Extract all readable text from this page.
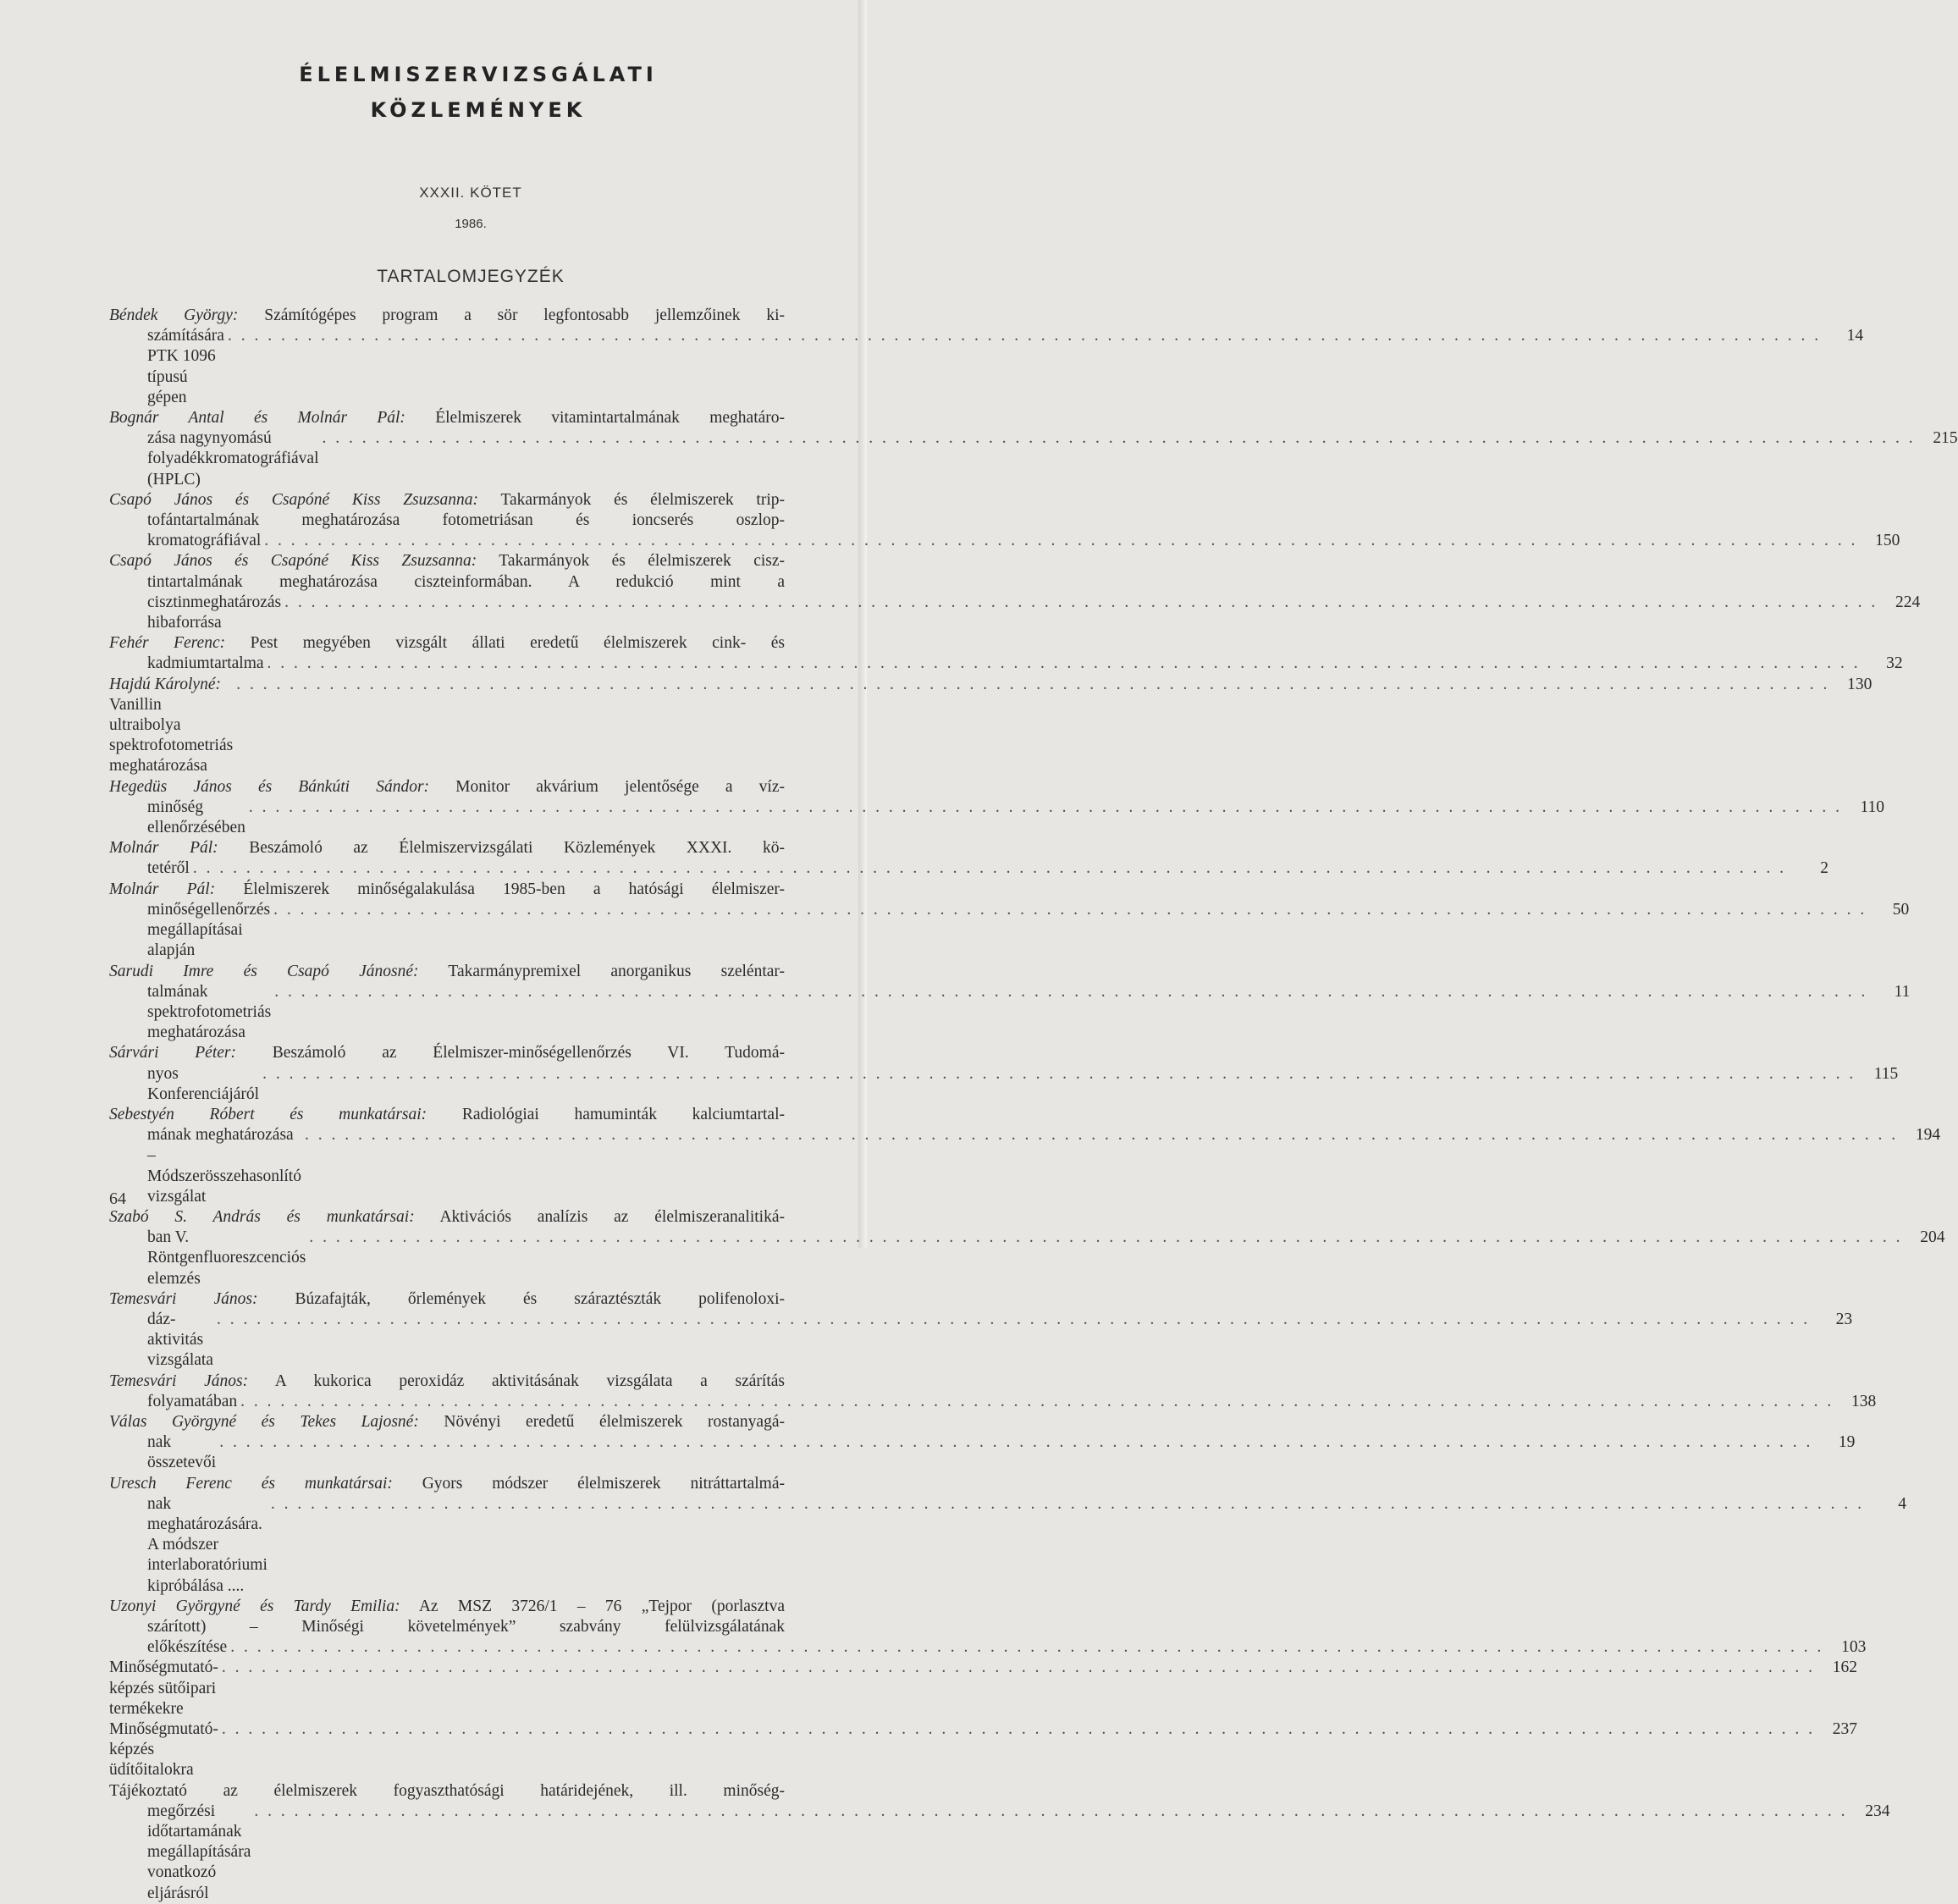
ÉLELMISZERVIZSGÁLATI
KÖZLEMÉNYEK
XXXII. KÖTET
1986.
TARTALOMJEGYZÉK
Béndek György: Számítógépes program a sör legfontosabb jellemzőinek ki-
számítására PTK 1096 típusú gépen
. . . . . . . . . . . . . . . . . . . . . . . . . . . . . . . . . . . . . . . . . . . . . . . . . . . . . . . . . . . . . . . . . . . . . . . . . . . . . . . . . . . . . . . . . . . . . . . . . . . . . . . . . . . . . . . . . . . . . . . .	14
Bognár Antal és Molnár Pál: Élelmiszerek vitamintartalmának meghatáro-
zása nagynyomású folyadékkromatográfiával (HPLC)
. . . . . . . . . . . . . . . . . . . . . . . . . . . . . . . . . . . . . . . . . . . . . . . . . . . . . . . . . . . . . . . . . . . . . . . . . . . . . . . . . . . . . . . . . . . . . . . . . . . . . . . . . . . . . . . . . . . . . . . .	215
Csapó János és Csapóné Kiss Zsuzsanna: Takarmányok és élelmiszerek trip-
tofántartalmának meghatározása fotometriásan és ioncserés oszlop-
kromatográfiával . . . . . . . . . . . . . . . . . . . . . . . . . . . . . . . . . . . . . . . . . . . . . . . . . . . . . . . . . . . . . . . . . . . . . . . . . . . . . . . . . . . . . . . . . . . . . . . . . . . . . . . . . . . . . . . . . . . . . . . .	150
Csapó János és Csapóné Kiss Zsuzsanna: Takarmányok és élelmiszerek cisz-
tintartalmának meghatározása ciszteinformában. A redukció mint a
cisztinmeghatározás hibaforrása
. . . . . . . . . . . . . . . . . . . . . . . . . . . . . . . . . . . . . . . . . . . . . . . . . . . . . . . . . . . . . . . . . . . . . . . . . . . . . . . . . . . . . . . . . . . . . . . . . . . . . . . . . . . . . . . . . . . . . . . .	224
Fehér Ferenc: Pest megyében vizsgált állati eredetű élelmiszerek cink- és
kadmiumtartalma . . . . . . . . . . . . . . . . . . . . . . . . . . . . . . . . . . . . . . . . . . . . . . . . . . . . . . . . . . . . . . . . . . . . . . . . . . . . . . . . . . . . . . . . . . . . . . . . . . . . . . . . . . . . . . . . . . . . . . . .	32
Hajdú Károlyné: Vanillin ultraibolya spektrofotometriás meghatározása
. . . . . . . . . . . . . . . . . . . . . . . . . . . . . . . . . . . . . . . . . . . . . . . . . . . . . . . . . . . . . . . . . . . . . . . . . . . . . . . . . . . . . . . . . . . . . . . . . . . . . . . . . . . . . . . . . . . . . . . .	130
Hegedüs János és Bánkúti Sándor: Monitor akvárium jelentősége a víz-
minőség ellenőrzésében
. . . . . . . . . . . . . . . . . . . . . . . . . . . . . . . . . . . . . . . . . . . . . . . . . . . . . . . . . . . . . . . . . . . . . . . . . . . . . . . . . . . . . . . . . . . . . . . . . . . . . . . . . . . . . . . . . . . . . . . .	110
Molnár Pál: Beszámoló az Élelmiszervizsgálati Közlemények XXXI. kö-
tetéről . . . . . . . . . . . . . . . . . . . . . . . . . . . . . . . . . . . . . . . . . . . . . . . . . . . . . . . . . . . . . . . . . . . . . . . . . . . . . . . . . . . . . . . . . . . . . . . . . . . . . . . . . . . . . . . . . . . . . . . .	2
Molnár Pál: Élelmiszerek minőségalakulása 1985-ben a hatósági élelmiszer-
minőségellenőrzés megállapításai alapján
. . . . . . . . . . . . . . . . . . . . . . . . . . . . . . . . . . . . . . . . . . . . . . . . . . . . . . . . . . . . . . . . . . . . . . . . . . . . . . . . . . . . . . . . . . . . . . . . . . . . . . . . . . . . . . . . . . . . . . . .	50
Sarudi Imre és Csapó Jánosné: Takarmánypremixel anorganikus szeléntar-
talmának spektrofotometriás meghatározása
. . . . . . . . . . . . . . . . . . . . . . . . . . . . . . . . . . . . . . . . . . . . . . . . . . . . . . . . . . . . . . . . . . . . . . . . . . . . . . . . . . . . . . . . . . . . . . . . . . . . . . . . . . . . . . . . . . . . . . . .	11
Sárvári Péter: Beszámoló az Élelmiszer-minőségellenőrzés VI. Tudomá-
nyos Konferenciájáról
. . . . . . . . . . . . . . . . . . . . . . . . . . . . . . . . . . . . . . . . . . . . . . . . . . . . . . . . . . . . . . . . . . . . . . . . . . . . . . . . . . . . . . . . . . . . . . . . . . . . . . . . . . . . . . . . . . . . . . . .	115
Sebestyén Róbert és munkatársai: Radiológiai hamuminták kalciumtartal-
mának meghatározása – Módszerösszehasonlító vizsgálat
. . . . . . . . . . . . . . . . . . . . . . . . . . . . . . . . . . . . . . . . . . . . . . . . . . . . . . . . . . . . . . . . . . . . . . . . . . . . . . . . . . . . . . . . . . . . . . . . . . . . . . . . . . . . . . . . . . . . . . . .	194
Szabó S. András és munkatársai: Aktivációs analízis az élelmiszeranalitiká-
ban V. Röntgenfluoreszcenciós elemzés
. . . . . . . . . . . . . . . . . . . . . . . . . . . . . . . . . . . . . . . . . . . . . . . . . . . . . . . . . . . . . . . . . . . . . . . . . . . . . . . . . . . . . . . . . . . . . . . . . . . . . . . . . . . . . . . . . . . . . . . .	204
Temesvári János: Búzafajták, őrlemények és száraztészták polifenoloxi-
dáz-aktivitás vizsgálata
. . . . . . . . . . . . . . . . . . . . . . . . . . . . . . . . . . . . . . . . . . . . . . . . . . . . . . . . . . . . . . . . . . . . . . . . . . . . . . . . . . . . . . . . . . . . . . . . . . . . . . . . . . . . . . . . . . . . . . . .	23
Temesvári János: A kukorica peroxidáz aktivitásának vizsgálata a szárítás
folyamatában . . . . . . . . . . . . . . . . . . . . . . . . . . . . . . . . . . . . . . . . . . . . . . . . . . . . . . . . . . . . . . . . . . . . . . . . . . . . . . . . . . . . . . . . . . . . . . . . . . . . . . . . . . . . . . . . . . . . . . . .	138
Válas Györgyné és Tekes Lajosné: Növényi eredetű élelmiszerek rostanyagá-
nak összetevői
. . . . . . . . . . . . . . . . . . . . . . . . . . . . . . . . . . . . . . . . . . . . . . . . . . . . . . . . . . . . . . . . . . . . . . . . . . . . . . . . . . . . . . . . . . . . . . . . . . . . . . . . . . . . . . . . . . . . . . . .	19
Uresch Ferenc és munkatársai: Gyors módszer élelmiszerek nitráttartalmá-
nak meghatározására. A módszer interlaboratóriumi kipróbálása ....
. . . . . . . . . . . . . . . . . . . . . . . . . . . . . . . . . . . . . . . . . . . . . . . . . . . . . . . . . . . . . . . . . . . . . . . . . . . . . . . . . . . . . . . . . . . . . . . . . . . . . . . . . . . . . . . . . . . . . . . .	4
Uzonyi Györgyné és Tardy Emilia: Az MSZ 3726/1 – 76 „Tejpor (porlasztva
szárított) – Minőségi követelmények” szabvány felülvizsgálatának
előkészítése . . . . . . . . . . . . . . . . . . . . . . . . . . . . . . . . . . . . . . . . . . . . . . . . . . . . . . . . . . . . . . . . . . . . . . . . . . . . . . . . . . . . . . . . . . . . . . . . . . . . . . . . . . . . . . . . . . . . . . . .	103
Minőségmutató-képzés sütőipari termékekre
. . . . . . . . . . . . . . . . . . . . . . . . . . . . . . . . . . . . . . . . . . . . . . . . . . . . . . . . . . . . . . . . . . . . . . . . . . . . . . . . . . . . . . . . . . . . . . . . . . . . . . . . . . . . . . . . . . . . . . . .	162
Minőségmutató-képzés üdítőitalokra
. . . . . . . . . . . . . . . . . . . . . . . . . . . . . . . . . . . . . . . . . . . . . . . . . . . . . . . . . . . . . . . . . . . . . . . . . . . . . . . . . . . . . . . . . . . . . . . . . . . . . . . . . . . . . . . . . . . . . . . .	237
Tájékoztató az élelmiszerek fogyaszthatósági határidejének, ill. minőség-
megőrzési időtartamának megállapítására vonatkozó eljárásról
. . . . . . . . . . . . . . . . . . . . . . . . . . . . . . . . . . . . . . . . . . . . . . . . . . . . . . . . . . . . . . . . . . . . . . . . . . . . . . . . . . . . . . . . . . . . . . . . . . . . . . . . . . . . . . . . . . . . . . . .	234
64
